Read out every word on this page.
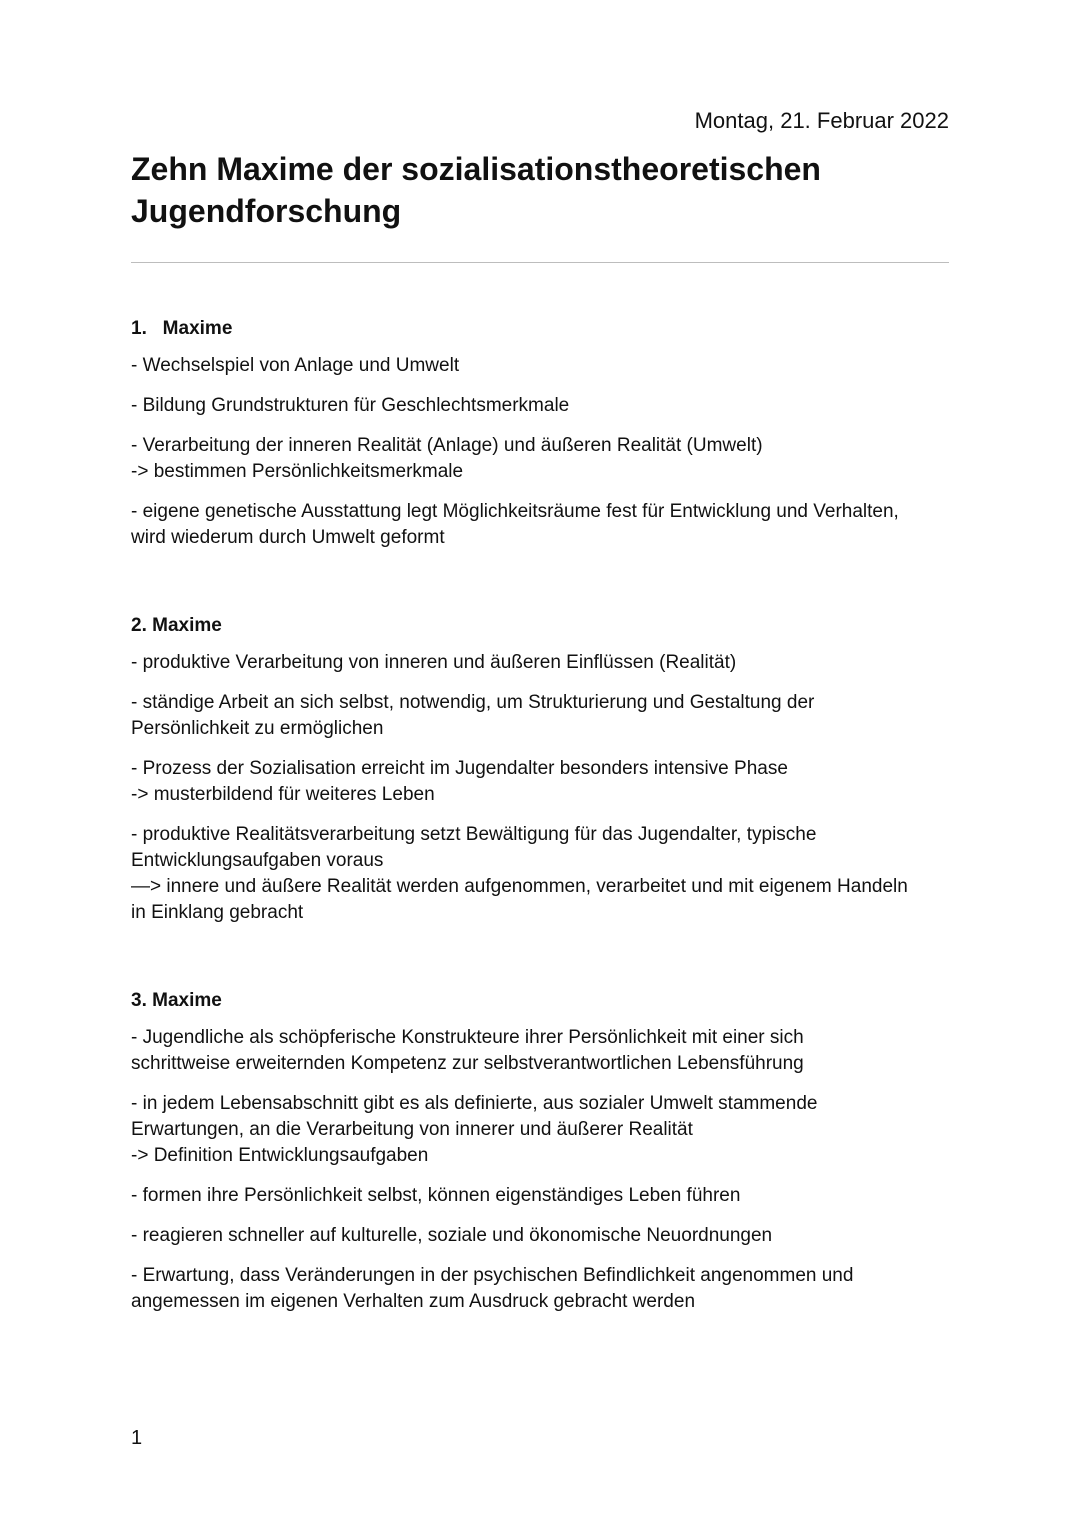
Montag, 21. Februar 2022
Zehn Maxime der sozialisationstheoretischen
Jugendforschung
1.   Maxime
- Wechselspiel von Anlage und Umwelt
- Bildung Grundstrukturen für Geschlechtsmerkmale
- Verarbeitung der inneren Realität (Anlage) und äußeren Realität (Umwelt)
-> bestimmen Persönlichkeitsmerkmale
- eigene genetische Ausstattung legt Möglichkeitsräume fest für Entwicklung und Verhalten,
wird wiederum durch Umwelt geformt
2. Maxime
- produktive Verarbeitung von inneren und äußeren Einflüssen (Realität)
- ständige Arbeit an sich selbst, notwendig, um Strukturierung und Gestaltung der
Persönlichkeit zu ermöglichen
- Prozess der Sozialisation erreicht im Jugendalter besonders intensive Phase
-> musterbildend für weiteres Leben
- produktive Realitätsverarbeitung setzt Bewältigung für das Jugendalter, typische
Entwicklungsaufgaben voraus
—> innere und äußere Realität werden aufgenommen, verarbeitet und mit eigenem Handeln
in Einklang gebracht
3. Maxime
- Jugendliche als schöpferische Konstrukteure ihrer Persönlichkeit mit einer sich
schrittweise erweiternden Kompetenz zur selbstverantwortlichen Lebensführung
- in jedem Lebensabschnitt gibt es als definierte, aus sozialer Umwelt stammende
Erwartungen, an die Verarbeitung von innerer und äußerer Realität
-> Definition Entwicklungsaufgaben
- formen ihre Persönlichkeit selbst, können eigenständiges Leben führen
- reagieren schneller auf kulturelle, soziale und ökonomische Neuordnungen
- Erwartung, dass Veränderungen in der psychischen Befindlichkeit angenommen und
angemessen im eigenen Verhalten zum Ausdruck gebracht werden
1
